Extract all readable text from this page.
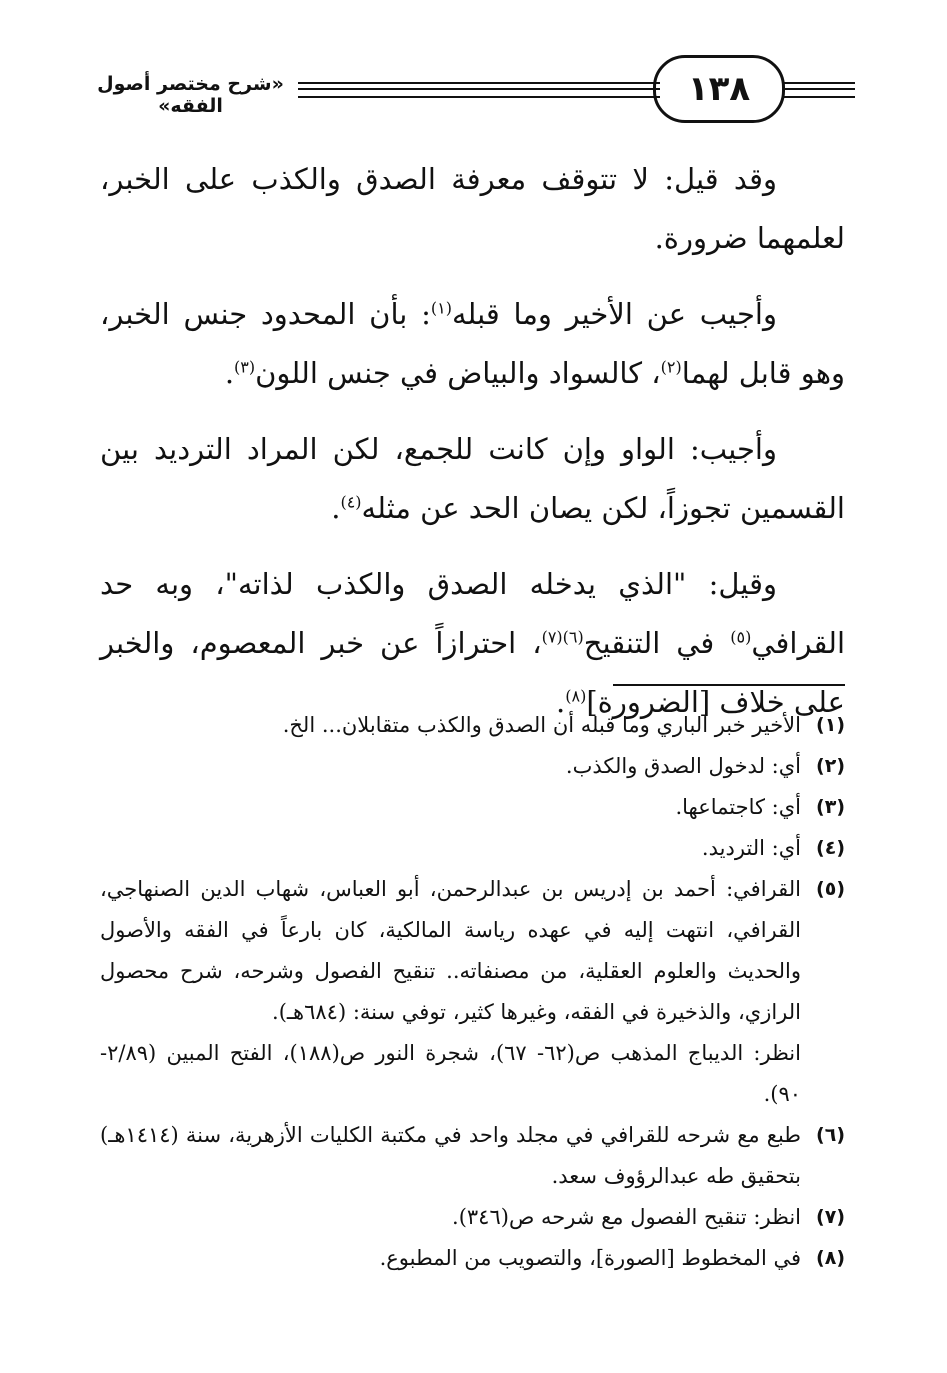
١٣٨
«شرح مختصر أصول الفقه»

وقد قيل: لا تتوقف معرفة الصدق والكذب على الخبر، لعلمهما ضرورة.

وأجيب عن الأخير وما قبله$^{(١)}$: بأن المحدود جنس الخبر، وهو قابل لهما$^{(٢)}$، كالسواد والبياض في جنس اللون$^{(٣)}$.

وأجيب: الواو وإن كانت للجمع، لكن المراد الترديد بين القسمين تجوزاً، لكن يصان الحد عن مثله$^{(٤)}$.

وقيل: "الذي يدخله الصدق والكذب لذاته"، وبه حد القرافي$^{(٥)}$ في التنقيح$^{(٦)(٧)}$، احترازاً عن خبر المعصوم، والخبر على خلاف [الضرورة]$^{(٨)}$.

(١)
الأخير خبر الباري وما قبله أن الصدق والكذب متقابلان... الخ.
(٢)
أي: لدخول الصدق والكذب.
(٣)
أي: كاجتماعها.
(٤)
أي: الترديد.
(٥)
القرافي: أحمد بن إدريس بن عبدالرحمن، أبو العباس، شهاب الدين الصنهاجي، القرافي، انتهت إليه في عهده رياسة المالكية، كان بارعاً في الفقه والأصول والحديث والعلوم العقلية، من مصنفاته.. تنقيح الفصول وشرحه، شرح محصول الرازي، والذخيرة في الفقه، وغيرها كثير، توفي سنة: (٦٨٤هـ).
انظر: الديباج المذهب ص(٦٢- ٦٧)، شجرة النور ص(١٨٨)، الفتح المبين (٢/٨٩- ٩٠).
(٦)
طبع مع شرحه للقرافي في مجلد واحد في مكتبة الكليات الأزهرية، سنة (١٤١٤هـ) بتحقيق طه عبدالرؤوف سعد.
(٧)
انظر: تنقيح الفصول مع شرحه ص(٣٤٦).
(٨)
في المخطوط [الصورة]، والتصويب من المطبوع.
